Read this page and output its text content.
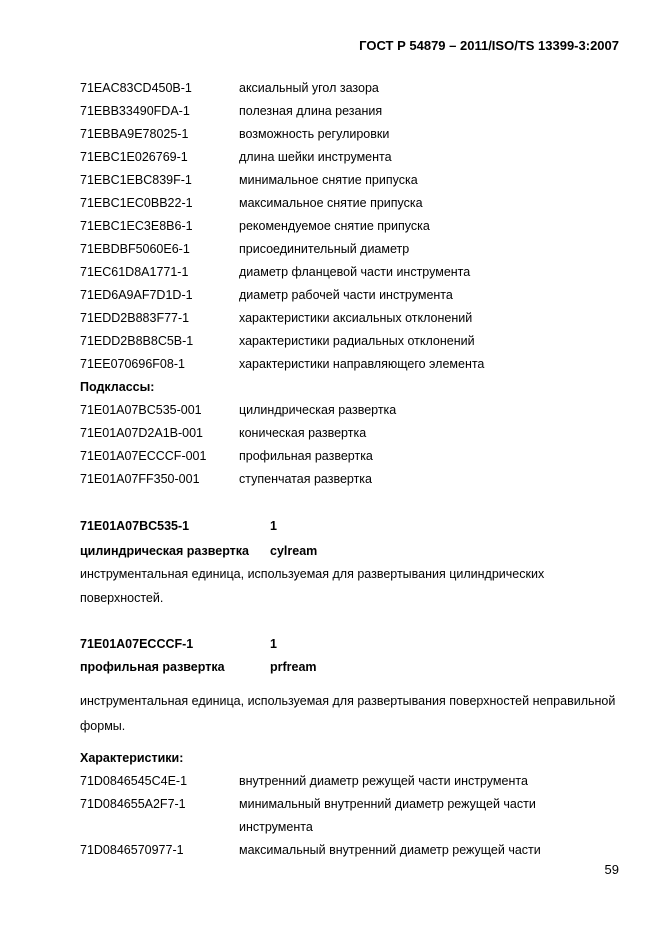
ГОСТ Р 54879 – 2011/ISO/TS 13399-3:2007
71EAC83CD450B-1	аксиальный угол зазора
71EBB33490FDA-1	полезная длина резания
71EBBA9E78025-1	возможность регулировки
71EBC1E026769-1	длина шейки инструмента
71EBC1EBC839F-1	минимальное снятие припуска
71EBC1EC0BB22-1	максимальное снятие припуска
71EBC1EC3E8B6-1	рекомендуемое снятие припуска
71EBDBF5060E6-1	присоединительный диаметр
71EC61D8A1771-1	диаметр фланцевой части инструмента
71ED6A9AF7D1D-1	диаметр рабочей части инструмента
71EDD2B883F77-1	характеристики аксиальных отклонений
71EDD2B8B8C5B-1	характеристики радиальных отклонений
71EE070696F08-1	характеристики направляющего элемента
Подклассы:
71E01A07BC535-001	цилиндрическая развертка
71E01A07D2A1B-001	коническая развертка
71E01A07ECCCF-001	профильная развертка
71E01A07FF350-001	ступенчатая развертка
71E01A07BC535-1	1
цилиндрическая развертка cylream
инструментальная единица, используемая для развертывания цилиндрических поверхностей.
71E01A07ECCCF-1	1
профильная развертка	prfream
инструментальная единица, используемая для развертывания поверхностей неправильной формы.
Характеристики:
71D0846545C4E-1	внутренний диаметр режущей части инструмента
71D084655A2F7-1	минимальный внутренний диаметр режущей части
инструмента
71D0846570977-1	максимальный внутренний диаметр режущей части
59
